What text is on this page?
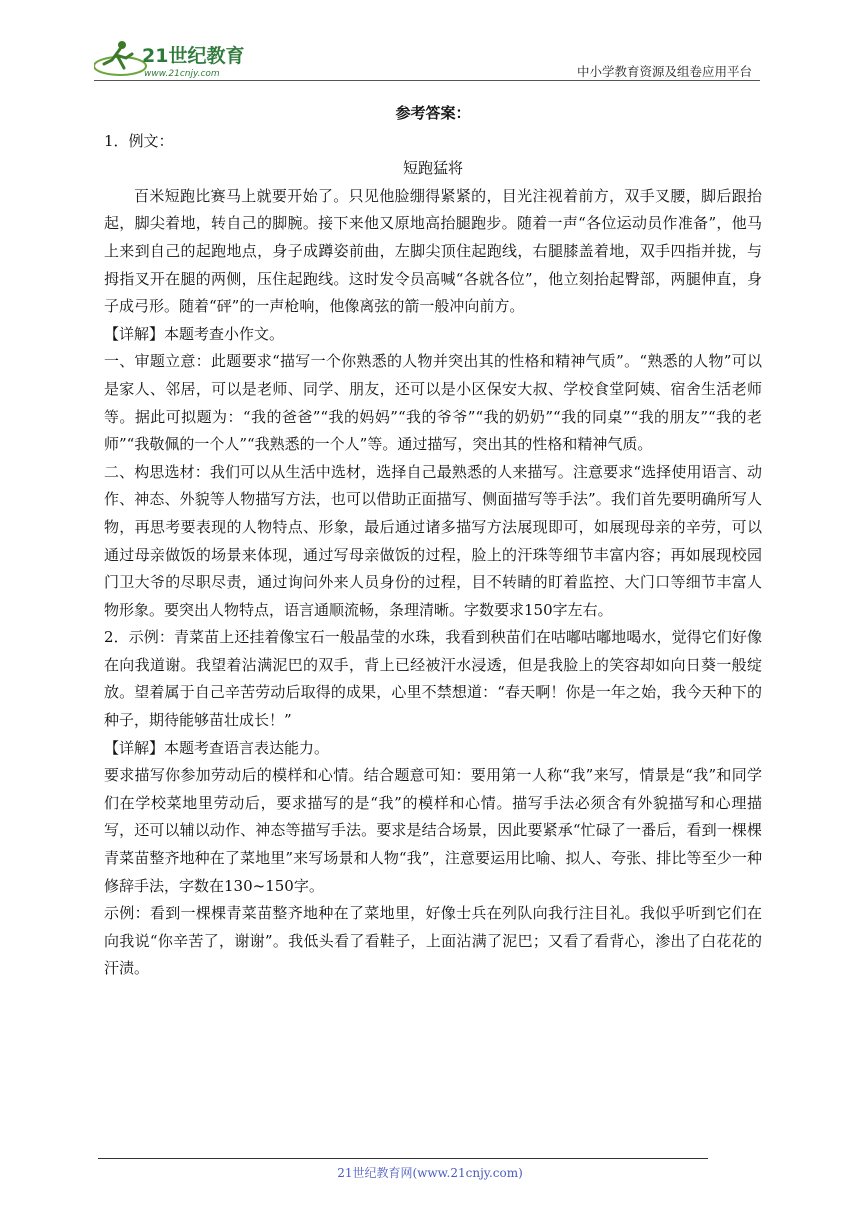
21世纪教育
www.21cnjy.com	中小学教育资源及组卷应用平台

参考答案：

1．例文：

短跑猛将

百米短跑比赛马上就要开始了。只见他脸绷得紧紧的，目光注视着前方，双手叉腰，脚后跟抬起，脚尖着地，转自己的脚腕。接下来他又原地高抬腿跑步。随着一声“各位运动员作准备”，他马上来到自己的起跑地点，身子成蹲姿前曲，左脚尖顶住起跑线，右腿膝盖着地，双手四指并拢，与拇指叉开在腿的两侧，压住起跑线。这时发令员高喊“各就各位”，他立刻抬起臀部，两腿伸直，身子成弓形。随着“砰”的一声枪响，他像离弦的箭一般冲向前方。

【详解】本题考查小作文。

一、审题立意：此题要求“描写一个你熟悉的人物并突出其的性格和精神气质”。“熟悉的人物”可以是家人、邻居，可以是老师、同学、朋友，还可以是小区保安大叔、学校食堂阿姨、宿舍生活老师等。据此可拟题为：“我的爸爸”“我的妈妈”“我的爷爷”“我的奶奶”“我的同桌”“我的朋友”“我的老师”“我敬佩的一个人”“我熟悉的一个人”等。通过描写，突出其的性格和精神气质。

二、构思选材：我们可以从生活中选材，选择自己最熟悉的人来描写。注意要求“选择使用语言、动作、神态、外貌等人物描写方法，也可以借助正面描写、侧面描写等手法”。我们首先要明确所写人物，再思考要表现的人物特点、形象，最后通过诸多描写方法展现即可，如展现母亲的辛劳，可以通过母亲做饭的场景来体现，通过写母亲做饭的过程，脸上的汗珠等细节丰富内容；再如展现校园门卫大爷的尽职尽责，通过询问外来人员身份的过程，目不转睛的盯着监控、大门口等细节丰富人物形象。要突出人物特点，语言通顺流畅，条理清晰。字数要求150字左右。

2．示例：青菜苗上还挂着像宝石一般晶莹的水珠，我看到秧苗们在咕嘟咕嘟地喝水，觉得它们好像在向我道谢。我望着沾满泥巴的双手，背上已经被汗水浸透，但是我脸上的笑容却如向日葵一般绽放。望着属于自己辛苦劳动后取得的成果，心里不禁想道：“春天啊！你是一年之始，我今天种下的种子，期待能够苗壮成长！”

【详解】本题考查语言表达能力。

要求描写你参加劳动后的模样和心情。结合题意可知：要用第一人称“我”来写，情景是“我”和同学们在学校菜地里劳动后，要求描写的是“我”的模样和心情。描写手法必须含有外貌描写和心理描写，还可以辅以动作、神态等描写手法。要求是结合场景，因此要紧承“忙碌了一番后，看到一棵棵青菜苗整齐地种在了菜地里”来写场景和人物“我”，注意要运用比喻、拟人、夸张、排比等至少一种修辞手法，字数在130~150字。

示例：看到一棵棵青菜苗整齐地种在了菜地里，好像士兵在列队向我行注目礼。我似乎听到它们在向我说“你辛苦了，谢谢”。我低头看了看鞋子，上面沾满了泥巴；又看了看背心，渗出了白花花的汗渍。

21世纪教育网(www.21cnjy.com)
